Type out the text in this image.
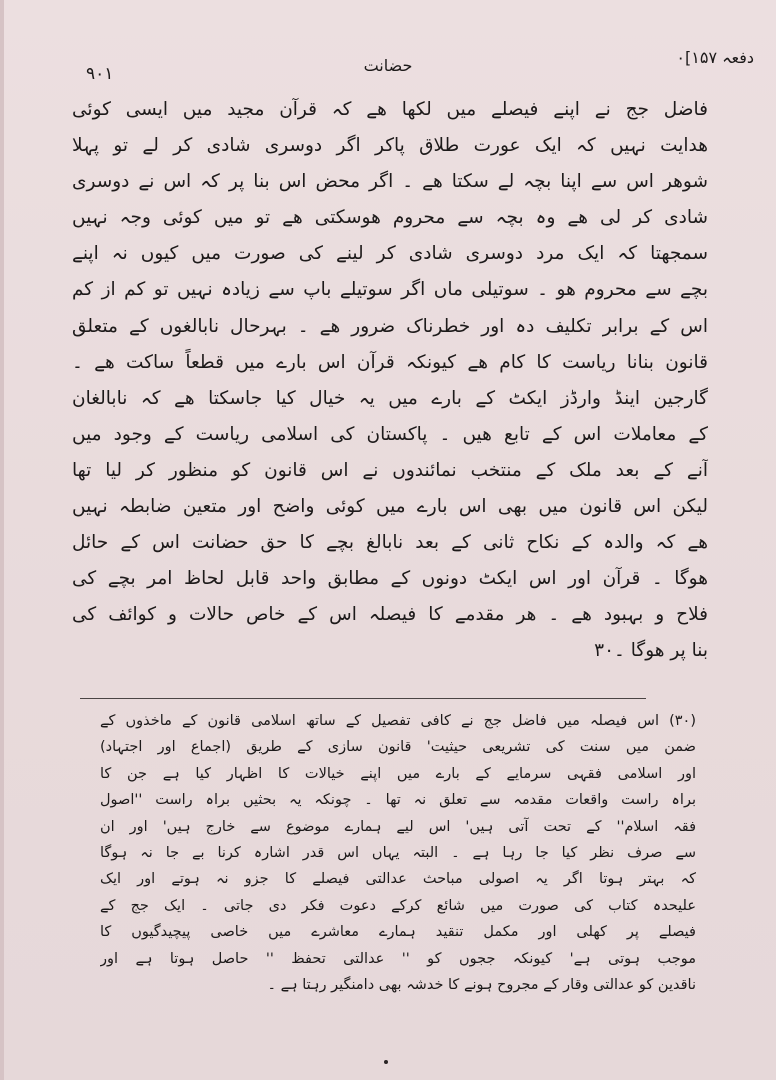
٩٠١	حضانت	دفعہ ۱۵۷]٠
فاضل جج نے اپنے فیصلے میں لکھا ھے کہ قرآن مجید میں ایسی کوئی
ھدایت نہیں کہ ایک عورت طلاق پاکر اگر دوسری شادی کر لے تو پہلا
شوھر اس سے اپنا بچہ لے سکتا ھے ۔ اگر محض اس بنا پر کہ اس نے دوسری
شادی کر لی ھے وہ بچہ سے محروم ھوسکتی ھے تو میں کوئی وجہ نہیں
سمجھتا کہ ایک مرد دوسری شادی کر لینے کی صورت میں کیوں نہ اپنے
بچے سے محروم ھو ۔ سوتیلی ماں اگر سوتیلے باپ سے زیادہ نہیں تو کم از کم
اس کے برابر تکلیف دہ اور خطرناک ضرور ھے ۔ بہرحال نابالغوں کے متعلق
قانون بنانا ریاست کا کام ھے کیونکہ قرآن اس بارے میں قطعاً ساکت ھے ۔
گارجین اینڈ وارڈز ایکٹ کے بارے میں یہ خیال کیا جاسکتا ھے کہ نابالغان
کے معاملات اس کے تابع ھیں ۔ پاکستان کی اسلامی ریاست کے وجود میں
آنے کے بعد ملک کے منتخب نمائندوں نے اس قانون کو منظور کر لیا تھا
لیکن اس قانون میں بھی اس بارے میں کوئی واضح اور متعین ضابطہ نہیں
ھے کہ والدہ کے نکاح ثانی کے بعد نابالغ بچے کا حق حضانت اس کے حائل
ھوگا ۔ قرآن اور اس ایکٹ دونوں کے مطابق واحد قابل لحاظ امر بچے کی
فلاح و بہبود ھے ۔ ھر مقدمے کا فیصلہ اس کے خاص حالات و کوائف کی
بنا پر ھوگا ۔۳۰
(۳۰) اس فیصلہ میں فاضل جج نے کافی تفصیل کے ساتھ اسلامی قانون کے ماخذوں کے
ضمن میں سنت کی تشریعی حیثیت' قانون سازی کے طریق (اجماع اور اجتہاد)
اور اسلامی فقہی سرمایے کے بارے میں اپنے خیالات کا اظہار کیا ہے جن کا
براہ راست واقعات مقدمہ سے تعلق نہ تھا ۔ چونکہ یہ بحثیں براہ راست ''اصول
فقہ اسلام'' کے تحت آتی ہیں' اس لیے ہمارے موضوع سے خارج ہیں' اور ان
سے صرف نظر کیا جا رہا ہے ۔ البتہ یہاں اس قدر اشارہ کرنا بے جا نہ ہوگا
کہ بہتر ہوتا اگر یہ اصولی مباحث عدالتی فیصلے کا جزو نہ ہوتے اور ایک
علیحدہ کتاب کی صورت میں شائع کرکے دعوت فکر دی جاتی ۔ ایک جج کے
فیصلے پر کھلی اور مکمل تنقید ہمارے معاشرے میں خاصی پیچیدگیوں کا
موجب ہوتی ہے' کیونکہ ججوں کو '' عدالتی تحفظ '' حاصل ہوتا ہے اور
ناقدین کو عدالتی وقار کے مجروح ہونے کا خدشہ بھی دامنگیر رہتا ہے ۔
